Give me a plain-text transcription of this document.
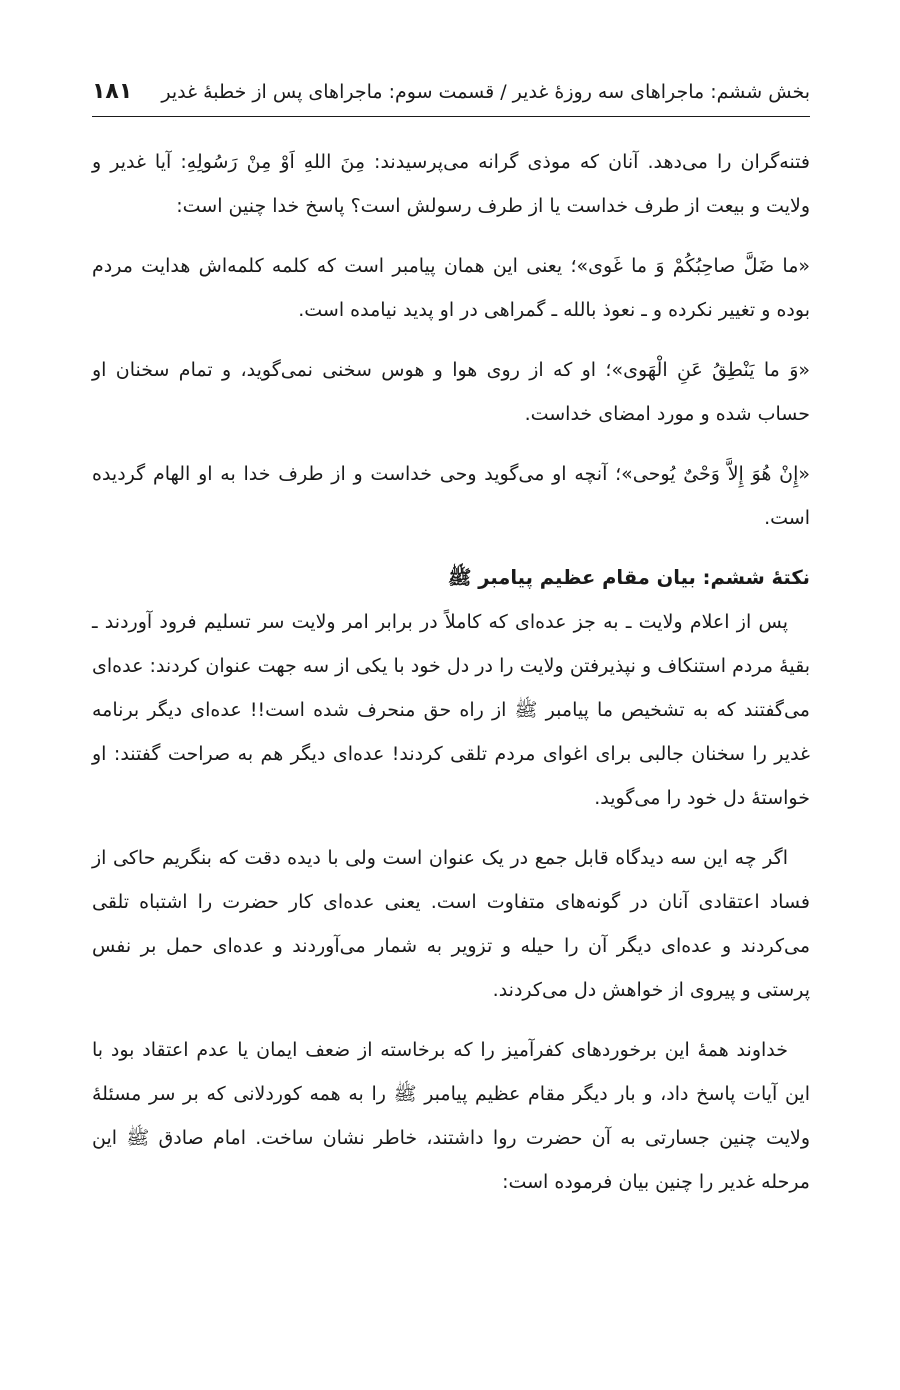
بخش ششم: ماجراهای سه روزۀ غدیر / قسمت سوم: ماجراهای پس از خطبۀ غدیر
۱۸۱

فتنه‌گران را می‌دهد. آنان که موذی گرانه می‌پرسیدند: مِنَ اللهِ اَوْ مِنْ رَسُولِهِ: آیا غدیر و ولایت و بیعت از طرف خداست یا از طرف رسولش است؟ پاسخ خدا چنین است:

«ما ضَلَّ صاحِبُکُمْ وَ ما غَوی»؛ یعنی این همان پیامبر است که کلمه کلمه‌اش هدایت مردم بوده و تغییر نکرده و ـ نعوذ بالله ـ گمراهی در او پدید نیامده است.

«وَ ما یَنْطِقُ عَنِ الْهَوی»؛ او که از روی هوا و هوس سخنی نمی‌گوید، و تمام سخنان او حساب شده و مورد امضای خداست.

«إِنْ هُوَ إِلاَّ وَحْیٌ یُوحی»؛ آنچه او می‌گوید وحی خداست و از طرف خدا به او الهام گردیده است.

نکتۀ ششم: بیان مقام عظیم پیامبر ﷺ

پس از اعلام ولایت ـ به جز عده‌ای که کاملاً در برابر امر ولایت سر تسلیم فرود آوردند ـ بقیۀ مردم استنکاف و نپذیرفتن ولایت را در دل خود با یکی از سه جهت عنوان کردند: عده‌ای می‌گفتند که به تشخیص ما پیامبر ﷺ از راه حق منحرف شده است!! عده‌ای دیگر برنامه غدیر را سخنان جالبی برای اغوای مردم تلقی کردند! عده‌ای دیگر هم به صراحت گفتند: او خواستۀ دل خود را می‌گوید.

اگر چه این سه دیدگاه قابل جمع در یک عنوان است ولی با دیده دقت که بنگریم حاکی از فساد اعتقادی آنان در گونه‌های متفاوت است. یعنی عده‌ای کار حضرت را اشتباه تلقی می‌کردند و عده‌ای دیگر آن را حیله و تزویر به شمار می‌آوردند و عده‌ای حمل بر نفس پرستی و پیروی از خواهش دل می‌کردند.

خداوند همۀ این برخوردهای کفرآمیز را که برخاسته از ضعف ایمان یا عدم اعتقاد بود با این آیات پاسخ داد، و بار دیگر مقام عظیم پیامبر ﷺ را به همه کوردلانی که بر سر مسئلۀ ولایت چنین جسارتی به آن حضرت روا داشتند، خاطر نشان ساخت. امام صادق ﷺ این مرحله غدیر را چنین بیان فرموده است:
